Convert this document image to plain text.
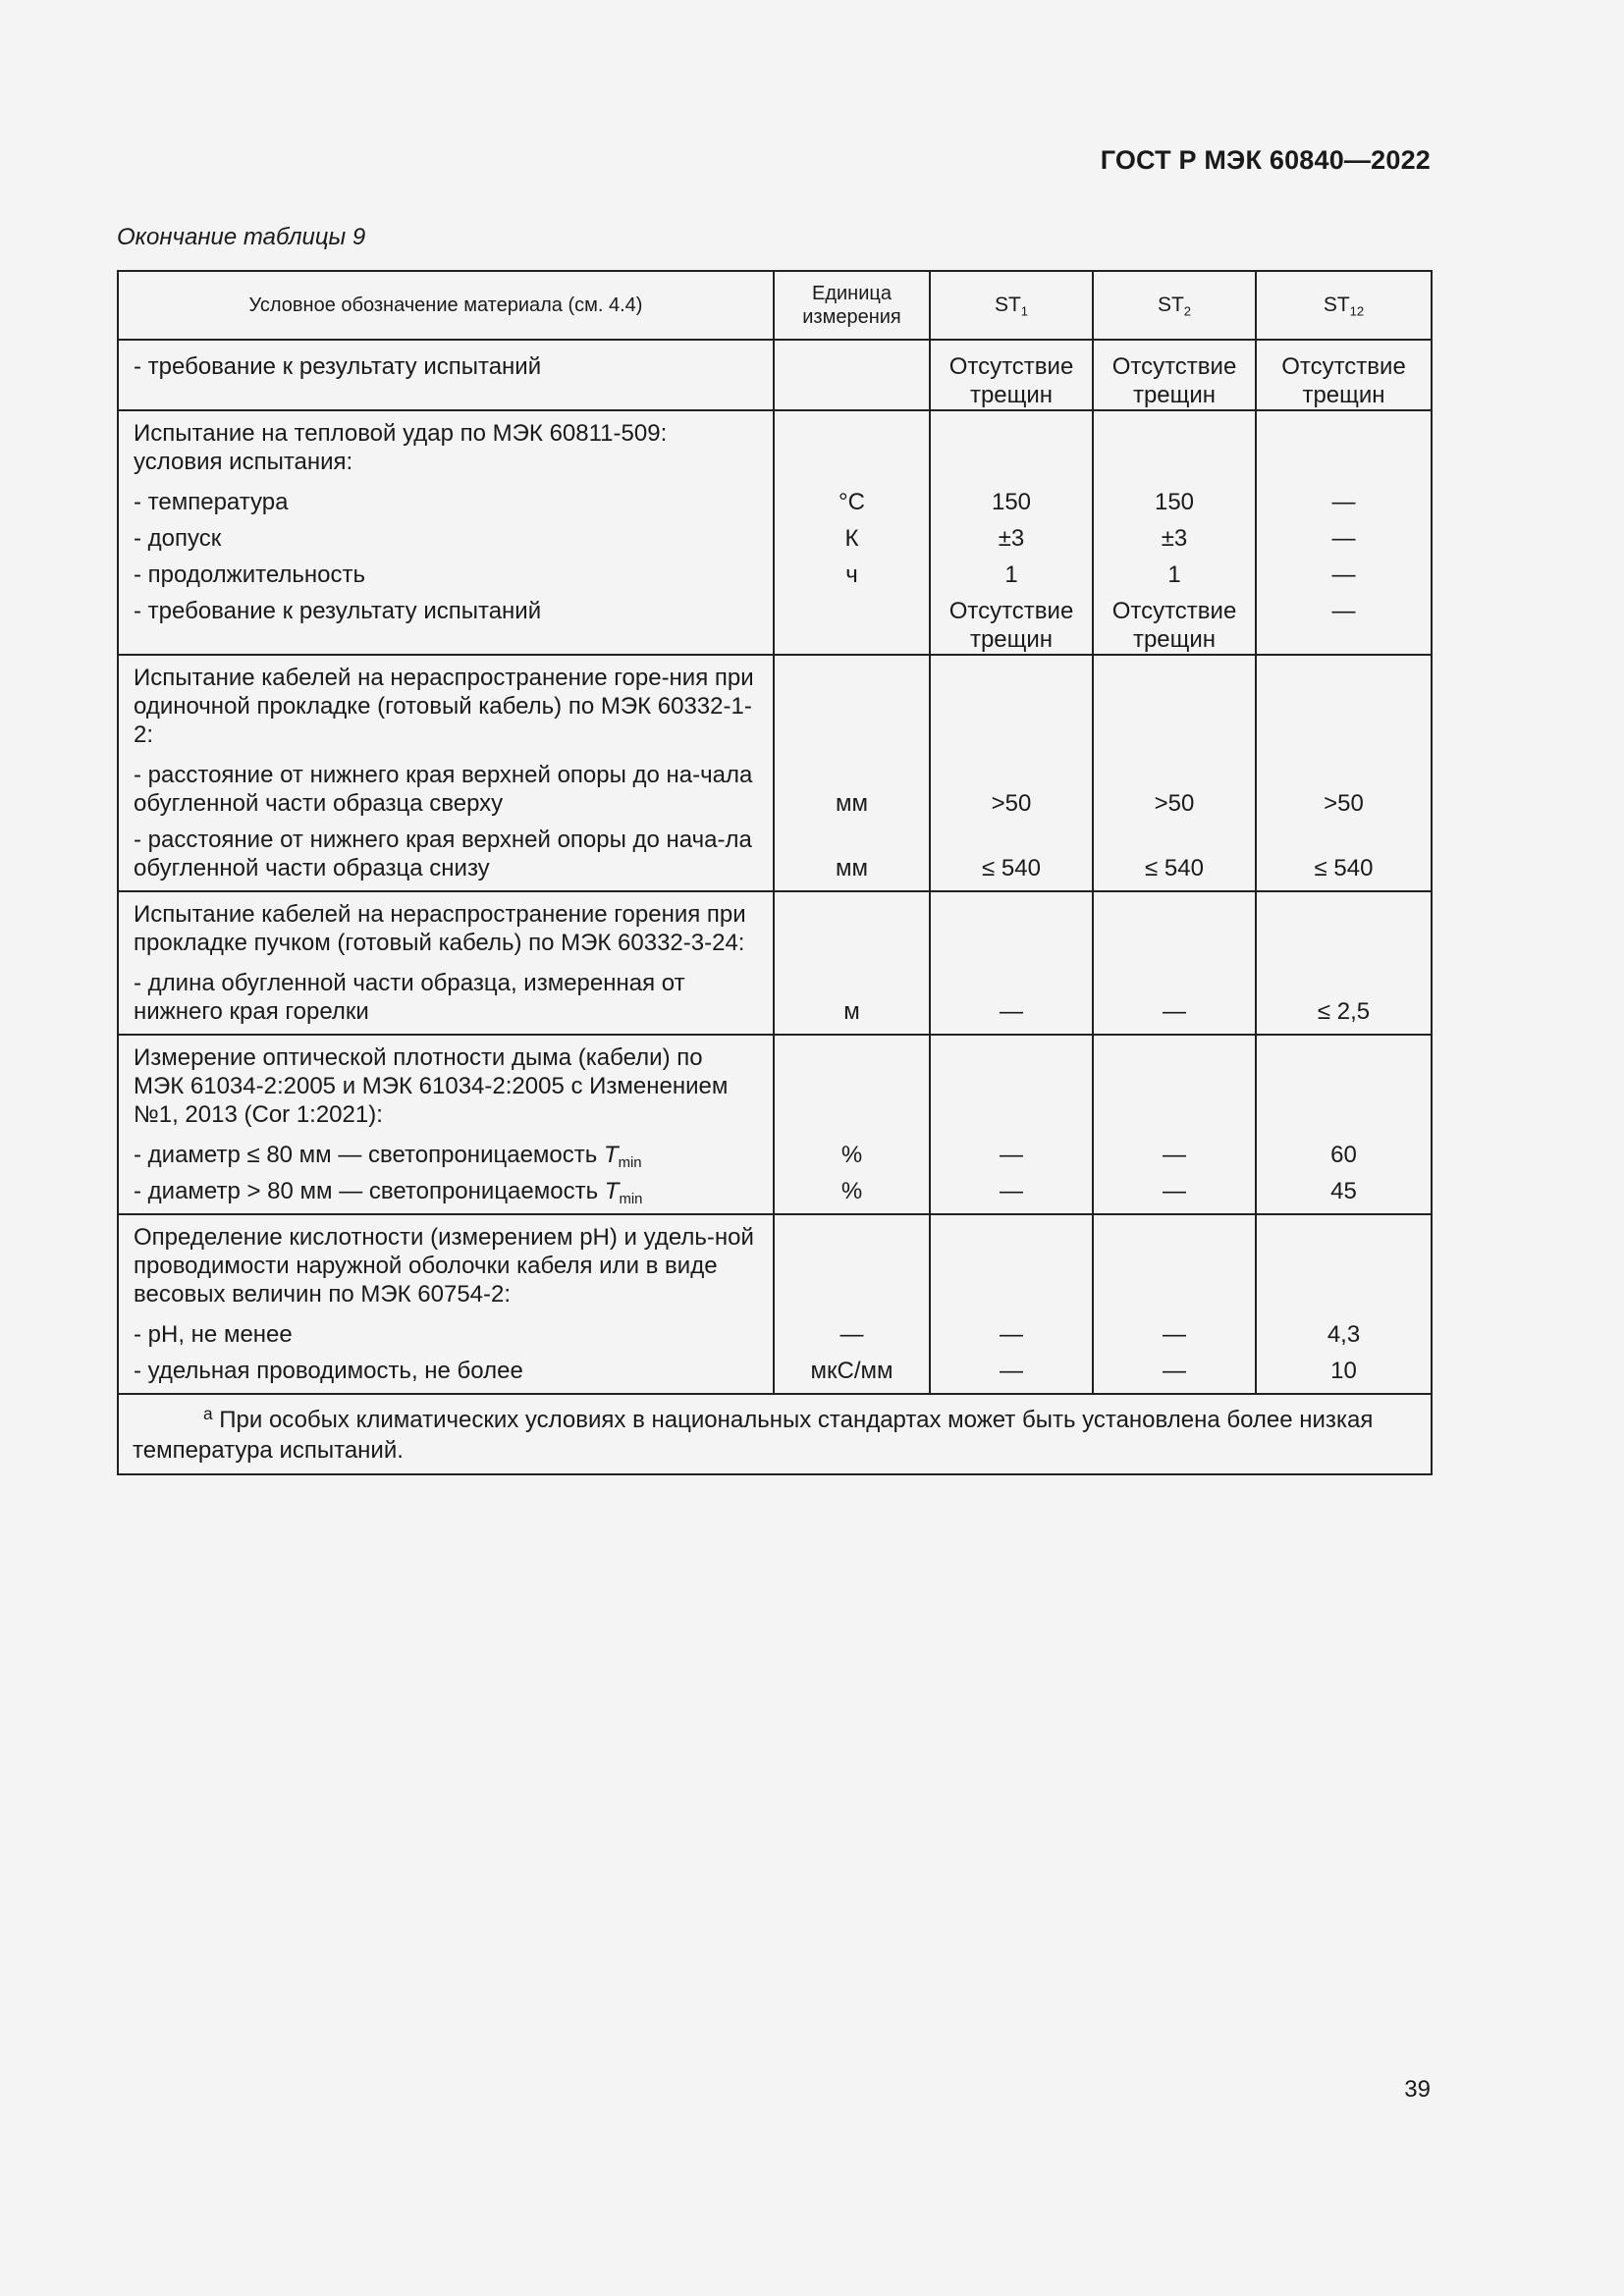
ГОСТ Р МЭК 60840—2022
Окончание таблицы 9
Условное обозначение материала (см. 4.4)	Единица измерения	$ST_1$	$ST_2$	$ST_{12}$

- требование к результату испытаний		Отсутствие трещин	Отсутствие трещин	Отсутствие трещин
Испытание на тепловой удар по МЭК 60811-509: условия испытания:				
- температура	°C	150	150	—
- допуск	К	±3	±3	—
- продолжительность	ч	1	1	—
- требование к результату испытаний		Отсутствие трещин	Отсутствие трещин	—
Испытание кабелей на нераспространение горе-ния при одиночной прокладке (готовый кабель) по МЭК 60332-1-2:				
- расстояние от нижнего края верхней опоры до на-чала обугленной части образца сверху	мм	>50	>50	>50
- расстояние от нижнего края верхней опоры до нача-ла обугленной части образца снизу	мм	≤ 540	≤ 540	≤ 540
Испытание кабелей на нераспространение горения при прокладке пучком (готовый кабель) по МЭК 60332-3-24:				
- длина обугленной части образца, измеренная от нижнего края горелки	м	—	—	≤ 2,5
Измерение оптической плотности дыма (кабели) по МЭК 61034-2:2005 и МЭК 61034-2:2005 с Изменением №1, 2013 (Cor 1:2021):				
- диаметр ≤ 80 мм — светопроницаемость $T_{min}$	%	—	—	60
- диаметр > 80 мм — светопроницаемость $T_{min}$	%	—	—	45
Определение кислотности (измерением pH) и удель-ной проводимости наружной оболочки кабеля или в виде весовых величин по МЭК 60754-2:				
- pH, не менее	—	—	—	4,3
- удельная проводимость, не более	мкС/мм	—	—	10
$^a$ При особых климатических условиях в национальных стандартах может быть установлена более низкая температура испытаний.				
39
